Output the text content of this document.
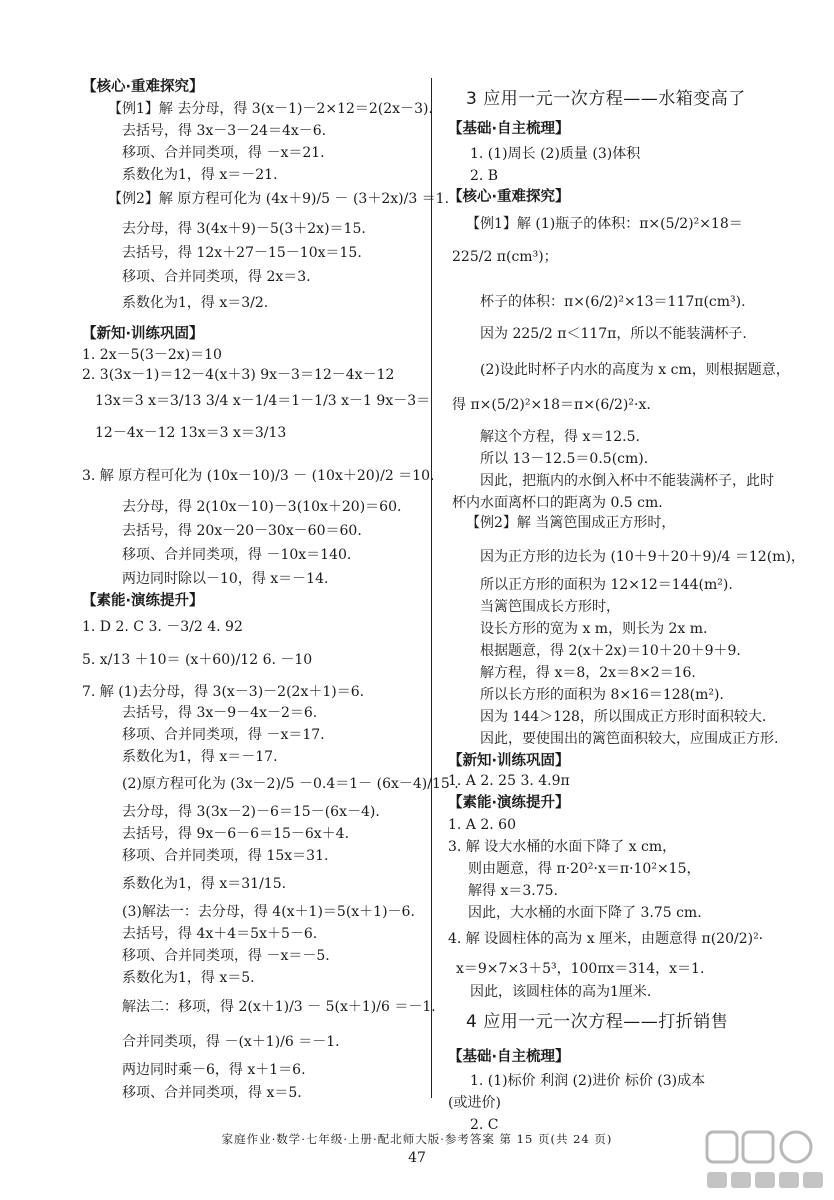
【核心·重难探究】
【例1】解 去分母，得 3(x－1)－2×12＝2(2x－3).
去括号，得 3x－3－24＝4x－6.
移项、合并同类项，得 －x＝21.
系数化为1，得 x＝－21.
【例2】解 原方程可化为 (4x＋9)/5 － (3＋2x)/3 ＝1.
去分母，得 3(4x＋9)－5(3＋2x)＝15.
去括号，得 12x＋27－15－10x＝15.
移项、合并同类项，得 2x＝3.
系数化为1，得 x＝3/2.
【新知·训练巩固】
1. 2x－5(3－2x)＝10
2. 3(3x－1)＝12－4(x＋3) 9x－3＝12－4x－12
13x＝3 x＝3/13 3/4 x－1/4＝1－1/3 x－1 9x－3＝
12－4x－12 13x＝3 x＝3/13
3. 解 原方程可化为 (10x－10)/3 － (10x＋20)/2 ＝10.
去分母，得 2(10x－10)－3(10x＋20)＝60.
去括号，得 20x－20－30x－60＝60.
移项、合并同类项，得 －10x＝140.
两边同时除以－10，得 x＝－14.
【素能·演练提升】
1. D 2. C 3. －3/2 4. 92
5. x/13 ＋10＝ (x＋60)/12 6. －10
7. 解 (1)去分母，得 3(x－3)－2(2x＋1)＝6.
去括号，得 3x－9－4x－2＝6.
移项、合并同类项，得 －x＝17.
系数化为1，得 x＝－17.
(2)原方程可化为 (3x－2)/5 －0.4＝1－ (6x－4)/15 .
去分母，得 3(3x－2)－6＝15－(6x－4).
去括号，得 9x－6－6＝15－6x＋4.
移项、合并同类项，得 15x＝31.
系数化为1，得 x＝31/15.
(3)解法一：去分母，得 4(x＋1)＝5(x＋1)－6.
去括号，得 4x＋4＝5x＋5－6.
移项、合并同类项，得 －x＝－5.
系数化为1，得 x＝5.
解法二：移项，得 2(x＋1)/3 － 5(x＋1)/6 ＝－1.
合并同类项，得 －(x＋1)/6 ＝－1.
两边同时乘－6，得 x＋1＝6.
移项、合并同类项，得 x＝5.
3 应用一元一次方程——水箱变高了
【基础·自主梳理】
1. (1)周长 (2)质量 (3)体积
2. B
【核心·重难探究】
【例1】解 (1)瓶子的体积：π×(5/2)²×18＝
225/2 π(cm³)；
杯子的体积：π×(6/2)²×13＝117π(cm³).
因为 225/2 π＜117π，所以不能装满杯子.
(2)设此时杯子内水的高度为 x cm，则根据题意，
得 π×(5/2)²×18＝π×(6/2)²·x.
解这个方程，得 x＝12.5.
所以 13－12.5＝0.5(cm).
因此，把瓶内的水倒入杯中不能装满杯子，此时
杯内水面离杯口的距离为 0.5 cm.
【例2】解 当篱笆围成正方形时，
因为正方形的边长为 (10＋9＋20＋9)/4 ＝12(m)，
所以正方形的面积为 12×12＝144(m²).
当篱笆围成长方形时，
设长方形的宽为 x m，则长为 2x m.
根据题意，得 2(x＋2x)＝10＋20＋9＋9.
解方程，得 x＝8，2x＝8×2＝16.
所以长方形的面积为 8×16＝128(m²).
因为 144＞128，所以围成正方形时面积较大.
因此，要使围出的篱笆面积较大，应围成正方形.
【新知·训练巩固】
1. A 2. 25 3. 4.9π
【素能·演练提升】
1. A 2. 60
3. 解 设大水桶的水面下降了 x cm，
则由题意，得 π·20²·x＝π·10²×15，
解得 x＝3.75.
因此，大水桶的水面下降了 3.75 cm.
4. 解 设圆柱体的高为 x 厘米，由题意得 π(20/2)²·
x＝9×7×3＋5³，100πx＝314，x＝1.
因此，该圆柱体的高为1厘米.
4 应用一元一次方程——打折销售
【基础·自主梳理】
1. (1)标价 利润 (2)进价 标价 (3)成本
(或进价)
2. C
家庭作业·数学·七年级·上册·配北师大版·参考答案 第 15 页(共 24 页)
47
